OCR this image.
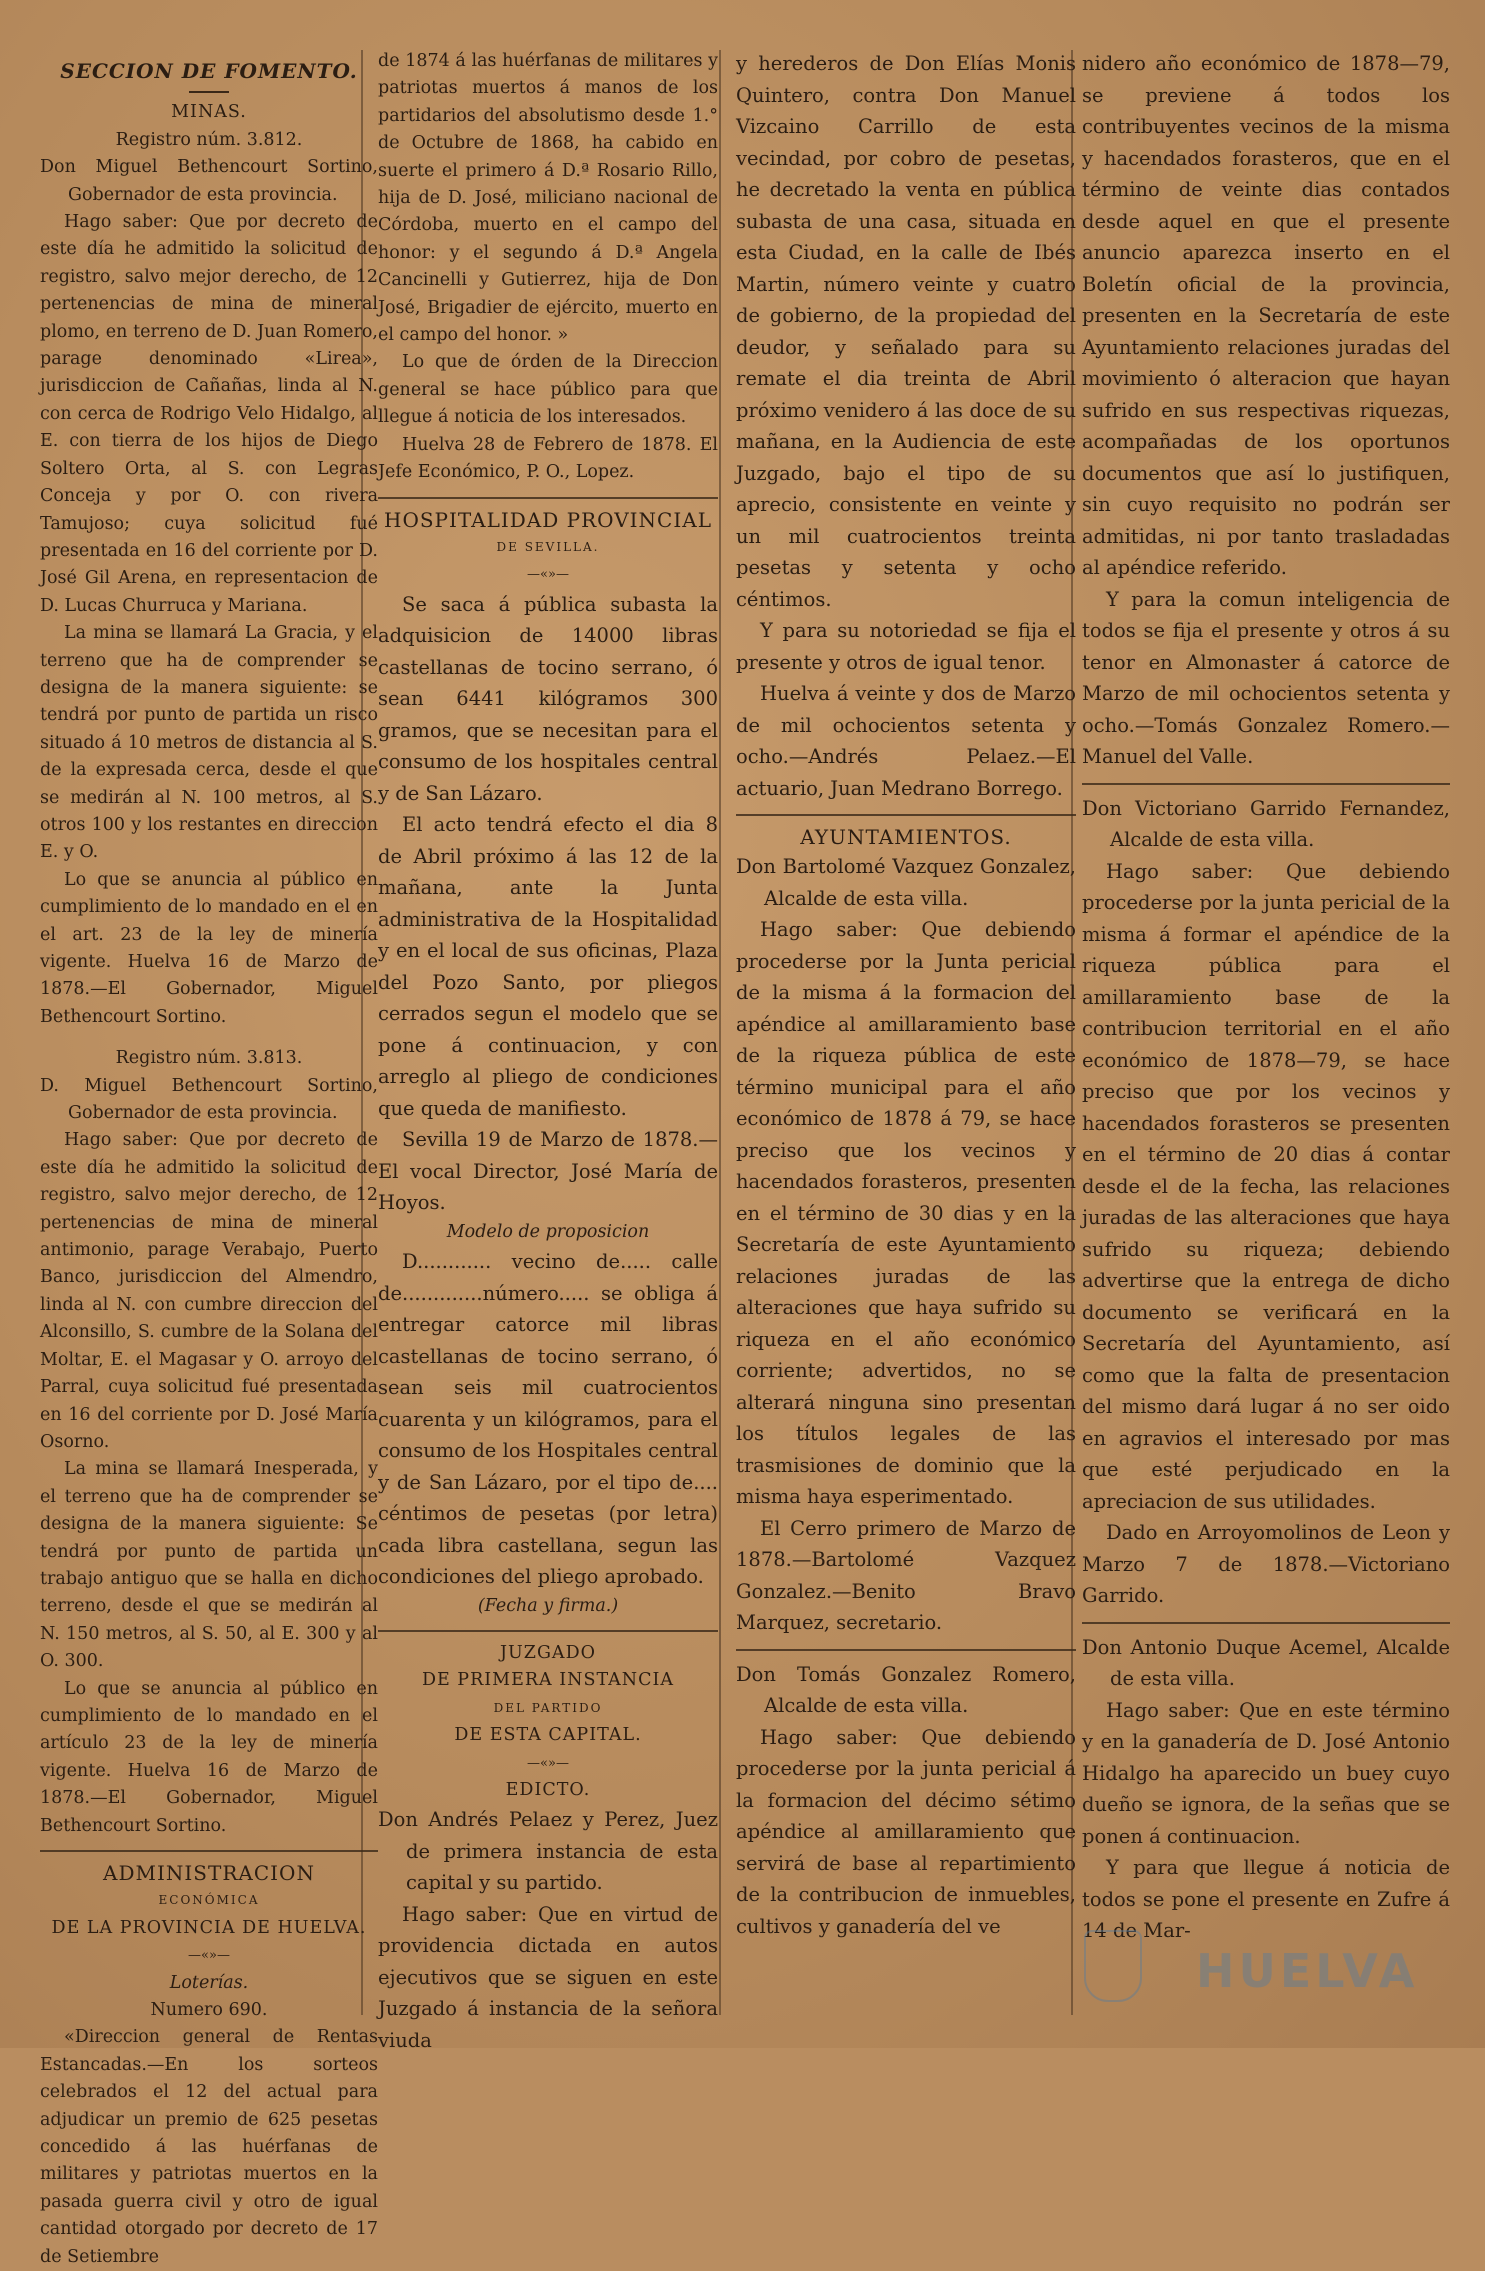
SECCION DE FOMENTO.
MINAS.

Registro núm. 3.812.

Don Miguel Bethencourt Sortino, Gobernador de esta provincia.

Hago saber: Que por decreto de este día he admitido la solicitud de registro, salvo mejor derecho, de 12 pertenencias de mina de mineral plomo, en terreno de D. Juan Romero, parage denominado «Lirea», jurisdiccion de Cañañas, linda al N. con cerca de Rodrigo Velo Hidalgo, al E. con tierra de los hijos de Diego Soltero Orta, al S. con Legras Conceja y por O. con rivera Tamujoso; cuya solicitud fué presentada en 16 del corriente por D. José Gil Arena, en representacion de D. Lucas Churruca y Mariana.

La mina se llamará La Gracia, y el terreno que ha de comprender se designa de la manera siguiente: se tendrá por punto de partida un risco situado á 10 metros de distancia al S. de la expresada cerca, desde el que se medirán al N. 100 metros, al S. otros 100 y los restantes en direccion E. y O.

Lo que se anuncia al público en cumplimiento de lo mandado en el en el art. 23 de la ley de minería vigente. Huelva 16 de Marzo de 1878.—El Gobernador, Miguel Bethencourt Sortino.

Registro núm. 3.813.

D. Miguel Bethencourt Sortino, Gobernador de esta provincia.

Hago saber: Que por decreto de este día he admitido la solicitud de registro, salvo mejor derecho, de 12 pertenencias de mina de mineral antimonio, parage Verabajo, Puerto Banco, jurisdiccion del Almendro, linda al N. con cumbre direccion del Alconsillo, S. cumbre de la Solana del Moltar, E. el Magasar y O. arroyo del Parral, cuya solicitud fué presentada en 16 del corriente por D. José María Osorno.

La mina se llamará Inesperada, y el terreno que ha de comprender se designa de la manera siguiente: Se tendrá por punto de partida un trabajo antiguo que se halla en dicho terreno, desde el que se medirán al N. 150 metros, al S. 50, al E. 300 y al O. 300.

Lo que se anuncia al público en cumplimiento de lo mandado en el artículo 23 de la ley de minería vigente. Huelva 16 de Marzo de 1878.—El Gobernador, Miguel Bethencourt Sortino.

ADMINISTRACION
ECONÓMICA
DE LA PROVINCIA DE HUELVA.
—«»—

Loterías.

Numero 690.

«Direccion general de Rentas Estancadas.—En los sorteos celebrados el 12 del actual para adjudicar un premio de 625 pesetas concedido á las huérfanas de militares y patriotas muertos en la pasada guerra civil y otro de igual cantidad otorgado por decreto de 17 de Setiembre

de 1874 á las huérfanas de militares y patriotas muertos á manos de los partidarios del absolutismo desde 1.° de Octubre de 1868, ha cabido en suerte el primero á D.ª Rosario Rillo, hija de D. José, miliciano nacional de Córdoba, muerto en el campo del honor: y el segundo á D.ª Angela Cancinelli y Gutierrez, hija de Don José, Brigadier de ejército, muerto en el campo del honor. »

Lo que de órden de la Direccion general se hace público para que llegue á noticia de los interesados.

Huelva 28 de Febrero de 1878. El Jefe Económico, P. O., Lopez.

HOSPITALIDAD PROVINCIAL
DE SEVILLA.
—«»—

Se saca á pública subasta la adquisicion de 14000 libras castellanas de tocino serrano, ó sean 6441 kilógramos 300 gramos, que se necesitan para el consumo de los hospitales central y de San Lázaro.

El acto tendrá efecto el dia 8 de Abril próximo á las 12 de la mañana, ante la Junta administrativa de la Hospitalidad y en el local de sus oficinas, Plaza del Pozo Santo, por pliegos cerrados segun el modelo que se pone á continuacion, y con arreglo al pliego de condiciones que queda de manifiesto.

Sevilla 19 de Marzo de 1878.—El vocal Director, José María de Hoyos.

Modelo de proposicion

D............ vecino de..... calle de.............número..... se obliga á entregar catorce mil libras castellanas de tocino serrano, ó sean seis mil cuatrocientos cuarenta y un kilógramos, para el consumo de los Hospitales central y de San Lázaro, por el tipo de.... céntimos de pesetas (por letra) cada libra castellana, segun las condiciones del pliego aprobado.

(Fecha y firma.)

JUZGADO
DE PRIMERA INSTANCIA
DEL PARTIDO
DE ESTA CAPITAL.
—«»—
EDICTO.

Don Andrés Pelaez y Perez, Juez de primera instancia de esta capital y su partido.

Hago saber: Que en virtud de providencia dictada en autos ejecutivos que se siguen en este Juzgado á instancia de la señora viuda

y herederos de Don Elías Monis Quintero, contra Don Manuel Vizcaino Carrillo de esta vecindad, por cobro de pesetas, he decretado la venta en pública subasta de una casa, situada en esta Ciudad, en la calle de Ibés Martin, número veinte y cuatro de gobierno, de la propiedad del deudor, y señalado para su remate el dia treinta de Abril próximo venidero á las doce de su mañana, en la Audiencia de este Juzgado, bajo el tipo de su aprecio, consistente en veinte y un mil cuatrocientos treinta pesetas y setenta y ocho céntimos.

Y para su notoriedad se fija el presente y otros de igual tenor.

Huelva á veinte y dos de Marzo de mil ochocientos setenta y ocho.—Andrés Pelaez.—El actuario, Juan Medrano Borrego.

AYUNTAMIENTOS.

Don Bartolomé Vazquez Gonzalez, Alcalde de esta villa.

Hago saber: Que debiendo procederse por la Junta pericial de la misma á la formacion del apéndice al amillaramiento base de la riqueza pública de este término municipal para el año económico de 1878 á 79, se hace preciso que los vecinos y hacendados forasteros, presenten en el término de 30 dias y en la Secretaría de este Ayuntamiento relaciones juradas de las alteraciones que haya sufrido su riqueza en el año económico corriente; advertidos, no se alterará ninguna sino presentan los títulos legales de las trasmisiones de dominio que la misma haya esperimentado.

El Cerro primero de Marzo de 1878.—Bartolomé Vazquez Gonzalez.—Benito Bravo Marquez, secretario.

Don Tomás Gonzalez Romero, Alcalde de esta villa.

Hago saber: Que debiendo procederse por la junta pericial á la formacion del décimo sétimo apéndice al amillaramiento que servirá de base al repartimiento de la contribucion de inmuebles, cultivos y ganadería del ve

nidero año económico de 1878—79, se previene á todos los contribuyentes vecinos de la misma y hacendados forasteros, que en el término de veinte dias contados desde aquel en que el presente anuncio aparezca inserto en el Boletín oficial de la provincia, presenten en la Secretaría de este Ayuntamiento relaciones juradas del movimiento ó alteracion que hayan sufrido en sus respectivas riquezas, acompañadas de los oportunos documentos que así lo justifiquen, sin cuyo requisito no podrán ser admitidas, ni por tanto trasladadas al apéndice referido.

Y para la comun inteligencia de todos se fija el presente y otros á su tenor en Almonaster á catorce de Marzo de mil ochocientos setenta y ocho.—Tomás Gonzalez Romero.—Manuel del Valle.

Don Victoriano Garrido Fernandez, Alcalde de esta villa.

Hago saber: Que debiendo procederse por la junta pericial de la misma á formar el apéndice de la riqueza pública para el amillaramiento base de la contribucion territorial en el año económico de 1878—79, se hace preciso que por los vecinos y hacendados forasteros se presenten en el término de 20 dias á contar desde el de la fecha, las relaciones juradas de las alteraciones que haya sufrido su riqueza; debiendo advertirse que la entrega de dicho documento se verificará en la Secretaría del Ayuntamiento, así como que la falta de presentacion del mismo dará lugar á no ser oido en agravios el interesado por mas que esté perjudicado en la apreciacion de sus utilidades.

Dado en Arroyomolinos de Leon y Marzo 7 de 1878.—Victoriano Garrido.

Don Antonio Duque Acemel, Alcalde de esta villa.

Hago saber: Que en este término y en la ganadería de D. José Antonio Hidalgo ha aparecido un buey cuyo dueño se ignora, de la señas que se ponen á continuacion.

Y para que llegue á noticia de todos se pone el presente en Zufre á 14 de Mar-

HUELVA
